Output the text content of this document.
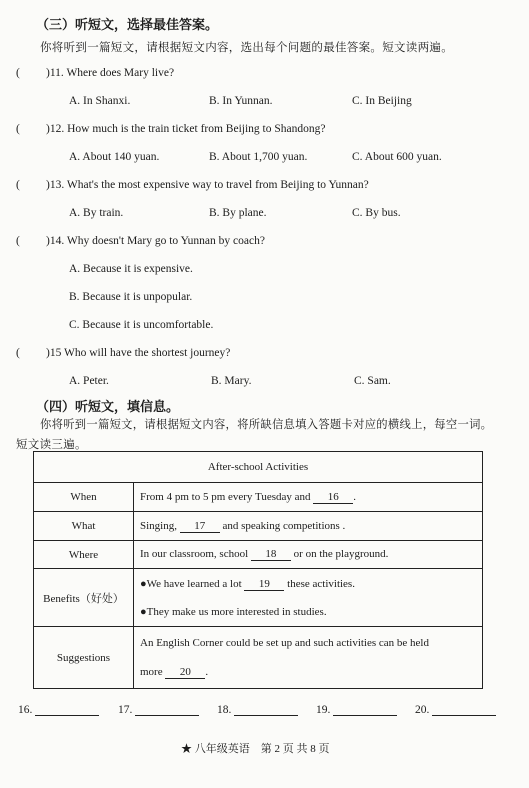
（三）听短文，选择最佳答案。
你将听到一篇短文，请根据短文内容，选出每个问题的最佳答案。短文读两遍。
( )11. Where does Mary live?
A. In Shanxi.	B. In Yunnan.	C. In Beijing
( )12. How much is the train ticket from Beijing to Shandong?
A. About 140 yuan.	B. About 1,700 yuan.	C. About 600 yuan.
( )13. What's the most expensive way to travel from Beijing to Yunnan?
A. By train.	B. By plane.	C. By bus.
( )14. Why doesn't Mary go to Yunnan by coach?
A. Because it is expensive.
B. Because it is unpopular.
C. Because it is uncomfortable.
( )15 Who will have the shortest journey?
A. Peter.	B. Mary.	C. Sam.
（四）听短文，填信息。
你将听到一篇短文，请根据短文内容，将所缺信息填入答题卡对应的横线上，每空一词。
短文读三遍。
After-school Activities	
When	From 4 pm to 5 pm every Tuesday and 16 .
What	Singing, 17 and speaking competitions .
Where	In our classroom, school 18 or on the playground.
Benefits（好处）	●We have learned a lot 19 these activities.
●They make us more interested in studies.

Suggestions	An English Corner could be set up and such activities can be held
more 20 .
16.	17.	18.	19.	20.
★ 八年级英语　第 2 页 共 8 页
